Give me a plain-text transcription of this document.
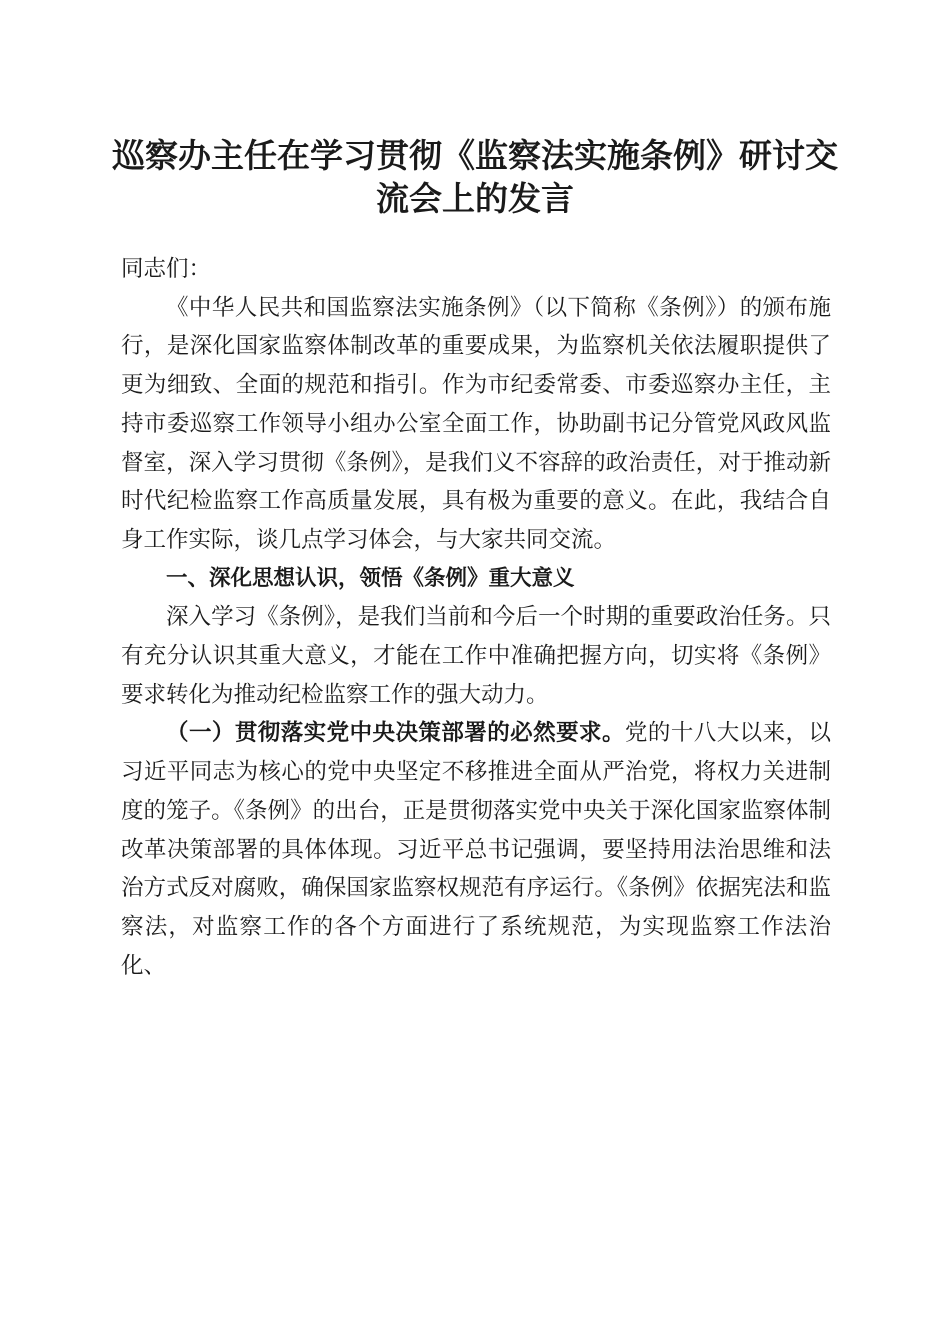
巡察办主任在学习贯彻《监察法实施条例》研讨交流会上的发言

同志们：

《中华人民共和国监察法实施条例》（以下简称《条例》）的颁布施行，是深化国家监察体制改革的重要成果，为监察机关依法履职提供了更为细致、全面的规范和指引。作为市纪委常委、市委巡察办主任，主持市委巡察工作领导小组办公室全面工作，协助副书记分管党风政风监督室，深入学习贯彻《条例》，是我们义不容辞的政治责任，对于推动新时代纪检监察工作高质量发展，具有极为重要的意义。在此，我结合自身工作实际，谈几点学习体会，与大家共同交流。

一、深化思想认识，领悟《条例》重大意义

深入学习《条例》，是我们当前和今后一个时期的重要政治任务。只有充分认识其重大意义，才能在工作中准确把握方向，切实将《条例》要求转化为推动纪检监察工作的强大动力。

（一）贯彻落实党中央决策部署的必然要求。党的十八大以来，以习近平同志为核心的党中央坚定不移推进全面从严治党，将权力关进制度的笼子。《条例》的出台，正是贯彻落实党中央关于深化国家监察体制改革决策部署的具体体现。习近平总书记强调，要坚持用法治思维和法治方式反对腐败，确保国家监察权规范有序运行。《条例》依据宪法和监察法，对监察工作的各个方面进行了系统规范，为实现监察工作法治化、
